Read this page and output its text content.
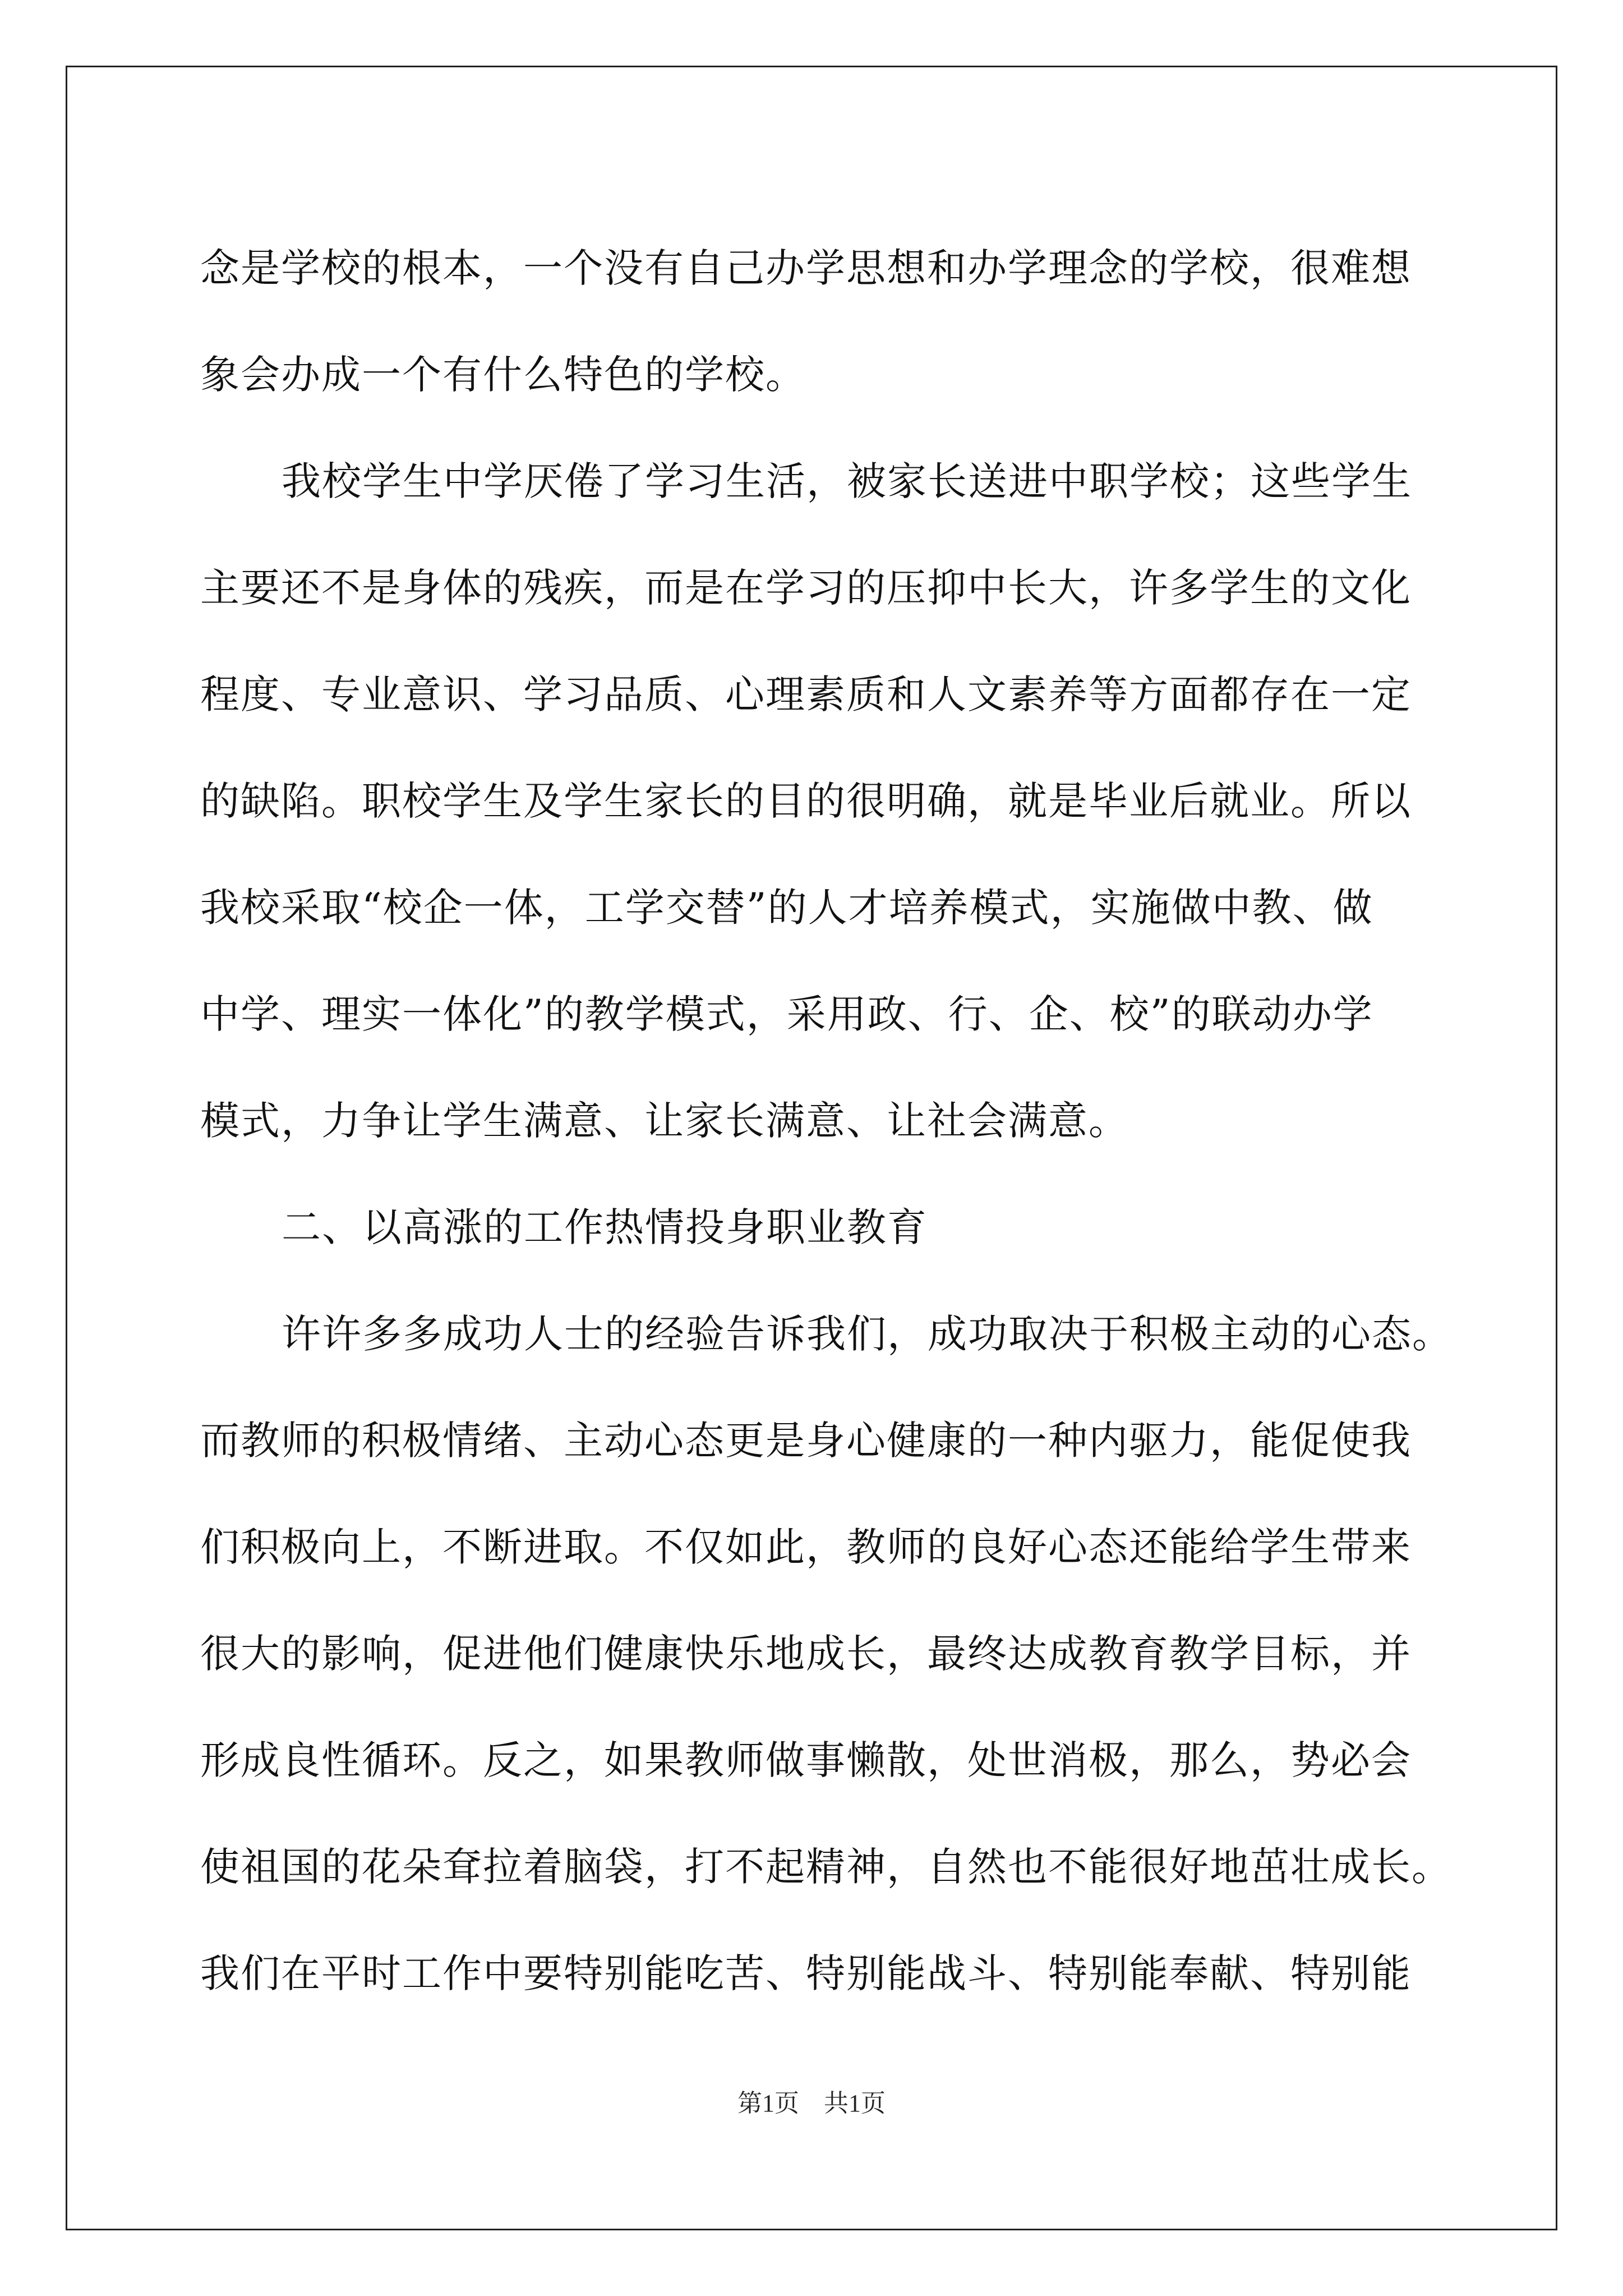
念是学校的根本，一个没有自己办学思想和办学理念的学校，很难想
象会办成一个有什么特色的学校。
我校学生中学厌倦了学习生活，被家长送进中职学校；这些学生
主要还不是身体的残疾，而是在学习的压抑中长大，许多学生的文化
程度、专业意识、学习品质、心理素质和人文素养等方面都存在一定
的缺陷。职校学生及学生家长的目的很明确，就是毕业后就业。所以
我校采取“校企一体，工学交替”的人才培养模式，实施做中教、做
中学、理实一体化”的教学模式，采用政、行、企、校”的联动办学
模式，力争让学生满意、让家长满意、让社会满意。
二、以高涨的工作热情投身职业教育
许许多多成功人士的经验告诉我们，成功取决于积极主动的心态。
而教师的积极情绪、主动心态更是身心健康的一种内驱力，能促使我
们积极向上，不断进取。不仅如此，教师的良好心态还能给学生带来
很大的影响，促进他们健康快乐地成长，最终达成教育教学目标，并
形成良性循环。反之，如果教师做事懒散，处世消极，那么，势必会
使祖国的花朵耷拉着脑袋，打不起精神，自然也不能很好地茁壮成长。
我们在平时工作中要特别能吃苦、特别能战斗、特别能奉献、特别能
第1页　共1页
